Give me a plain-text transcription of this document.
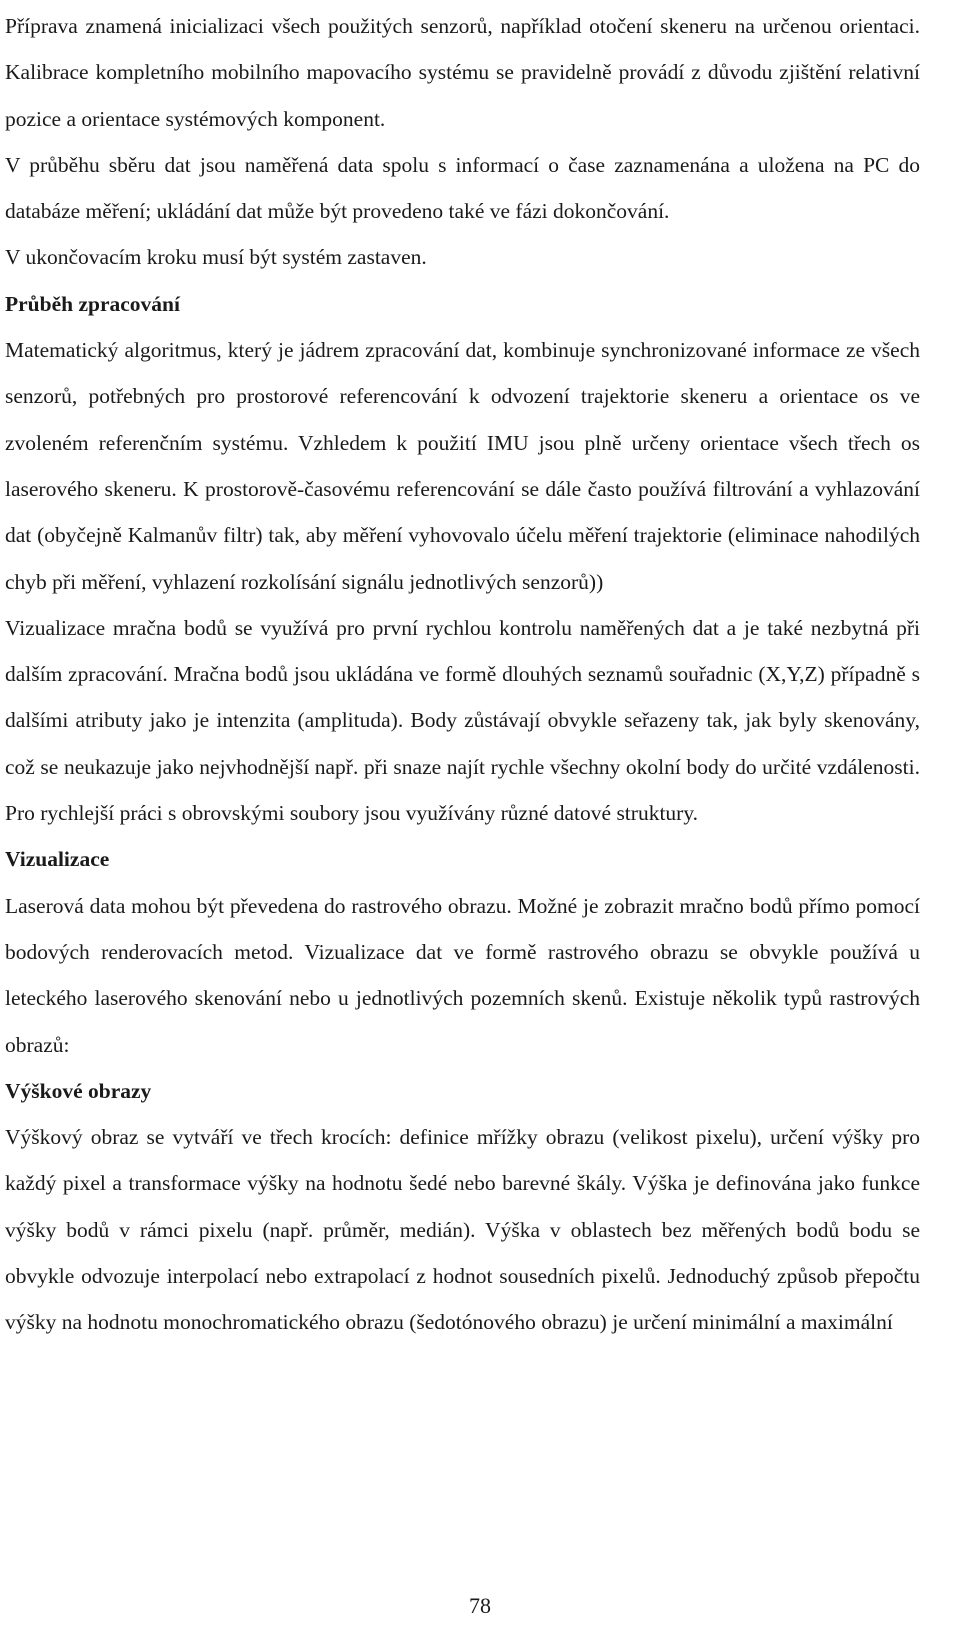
Příprava znamená inicializaci všech použitých senzorů, například otočení skeneru na určenou orientaci. Kalibrace kompletního mobilního mapovacího systému se pravidelně provádí z důvodu zjištění relativní pozice a orientace systémových komponent.

V průběhu sběru dat jsou naměřená data spolu s informací o čase zaznamenána a uložena na PC do databáze měření; ukládání dat může být provedeno také ve fázi dokončování.

V ukončovacím kroku musí být systém zastaven.

Průběh zpracování

Matematický algoritmus, který je jádrem zpracování dat, kombinuje synchronizované informace ze všech senzorů, potřebných pro prostorové referencování k odvození trajektorie skeneru a orientace os ve zvoleném referenčním systému. Vzhledem k použití IMU jsou plně určeny orientace všech třech os laserového skeneru. K prostorově-časovému referencování se dále často používá filtrování a vyhlazování dat (obyčejně Kalmanův filtr) tak, aby měření vyhovovalo účelu měření trajektorie (eliminace nahodilých chyb při měření, vyhlazení rozkolísání signálu jednotlivých senzorů))

Vizualizace mračna bodů se využívá pro první rychlou kontrolu naměřených dat a je také nezbytná při dalším zpracování. Mračna bodů jsou ukládána ve formě dlouhých seznamů souřadnic (X,Y,Z) případně s dalšími atributy jako je intenzita (amplituda). Body zůstávají obvykle seřazeny tak, jak byly skenovány, což se neukazuje jako nejvhodnější např. při snaze najít rychle všechny okolní body do určité vzdálenosti. Pro rychlejší práci s obrovskými soubory jsou využívány různé datové struktury.

Vizualizace

Laserová data mohou být převedena do rastrového obrazu. Možné je zobrazit mračno bodů přímo pomocí bodových renderovacích metod. Vizualizace dat ve formě rastrového obrazu se obvykle používá u leteckého laserového skenování nebo u jednotlivých pozemních skenů. Existuje několik typů rastrových obrazů:

Výškové obrazy

Výškový obraz se vytváří ve třech krocích: definice mřížky obrazu (velikost pixelu), určení výšky pro každý pixel a transformace výšky na hodnotu šedé nebo barevné škály. Výška je definována jako funkce výšky bodů v rámci pixelu (např. průměr, medián). Výška v oblastech bez měřených bodů bodu se obvykle odvozuje interpolací nebo extrapolací z hodnot sousedních pixelů. Jednoduchý způsob přepočtu výšky na hodnotu monochromatického obrazu (šedotónového obrazu) je určení minimální a maximální

78
